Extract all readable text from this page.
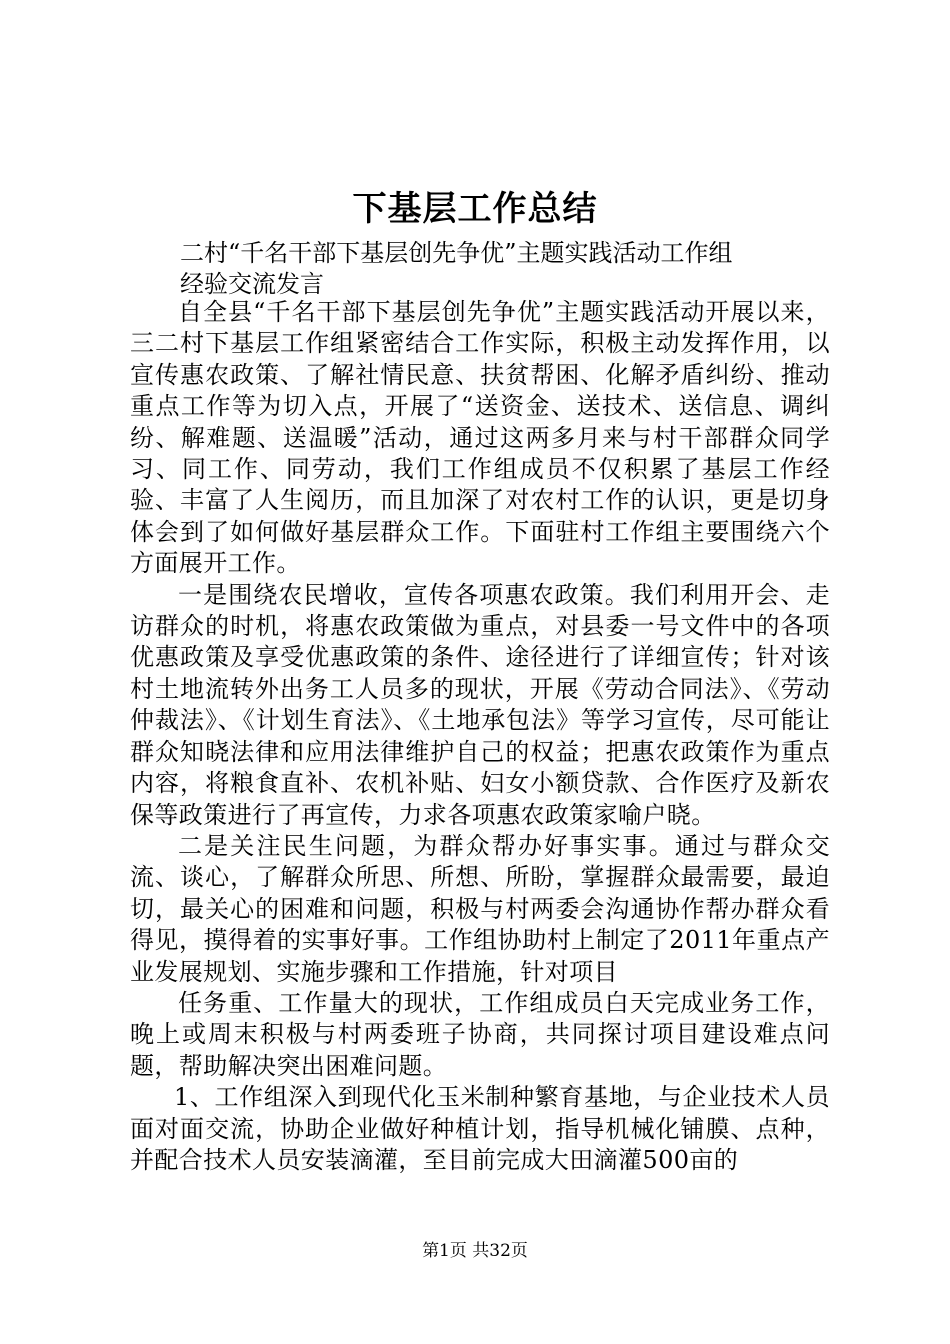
下基层工作总结
二村“千名干部下基层创先争优”主题实践活动工作组
经验交流发言

自全县“千名干部下基层创先争优”主题实践活动开展以来，三二村下基层工作组紧密结合工作实际，积极主动发挥作用，以宣传惠农政策、了解社情民意、扶贫帮困、化解矛盾纠纷、推动重点工作等为切入点，开展了“送资金、送技术、送信息、调纠纷、解难题、送温暖”活动，通过这两多月来与村干部群众同学习、同工作、同劳动，我们工作组成员不仅积累了基层工作经验、丰富了人生阅历，而且加深了对农村工作的认识，更是切身体会到了如何做好基层群众工作。下面驻村工作组主要围绕六个方面展开工作。

一是围绕农民增收，宣传各项惠农政策。我们利用开会、走访群众的时机，将惠农政策做为重点，对县委一号文件中的各项优惠政策及享受优惠政策的条件、途径进行了详细宣传；针对该村土地流转外出务工人员多的现状，开展《劳动合同法》、《劳动仲裁法》、《计划生育法》、《土地承包法》等学习宣传，尽可能让群众知晓法律和应用法律维护自己的权益；把惠农政策作为重点内容，将粮食直补、农机补贴、妇女小额贷款、合作医疗及新农保等政策进行了再宣传，力求各项惠农政策家喻户晓。

二是关注民生问题，为群众帮办好事实事。通过与群众交流、谈心，了解群众所思、所想、所盼，掌握群众最需要，最迫切，最关心的困难和问题，积极与村两委会沟通协作帮办群众看得见，摸得着的实事好事。工作组协助村上制定了2011年重点产业发展规划、实施步骤和工作措施，针对项目

任务重、工作量大的现状，工作组成员白天完成业务工作，晚上或周末积极与村两委班子协商，共同探讨项目建设难点问题，帮助解决突出困难问题。

1、工作组深入到现代化玉米制种繁育基地，与企业技术人员面对面交流，协助企业做好种植计划，指导机械化铺膜、点种，并配合技术人员安装滴灌，至目前完成大田滴灌500亩的

第1页 共32页
